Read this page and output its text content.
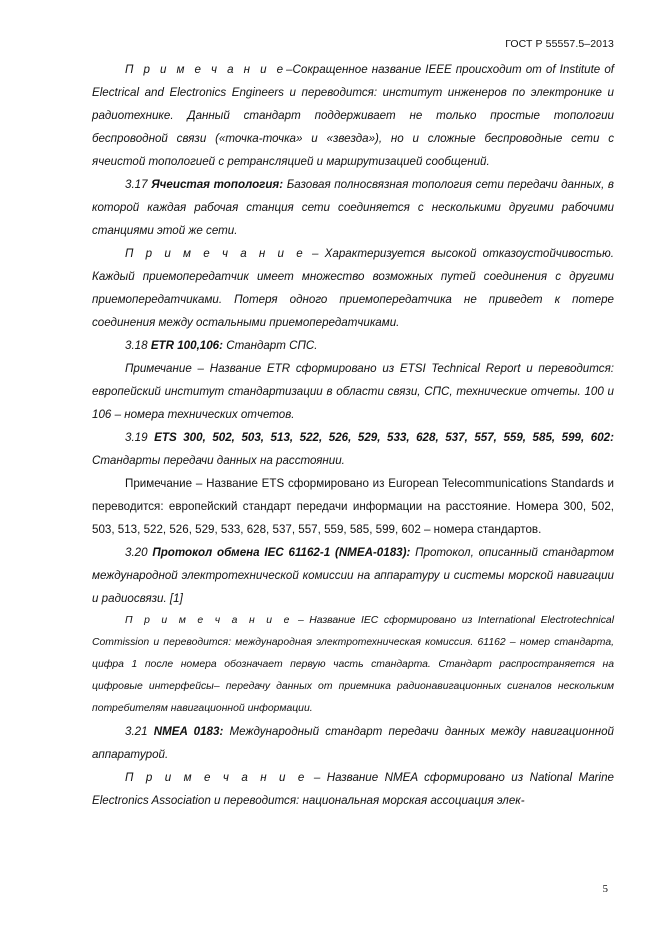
ГОСТ Р 55557.5–2013

П р и м е ч а н и е–Сокращенное название IEEE происходит от of Institute of Electrical and Electronics Engineers и переводится: институт инженеров по электронике и радиотехнике. Данный стандарт поддерживает не только простые топологии беспроводной связи («точка-точка» и «звезда»), но и сложные беспроводные сети с ячеистой топологией с ретрансляцией и маршрутизацией сообщений.

3.17 Ячеистая топология: Базовая полносвязная топология сети передачи данных, в которой каждая рабочая станция сети соединяется с несколькими другими рабочими станциями этой же сети.

П р и м е ч а н и е – Характеризуется высокой отказоустойчивостью. Каждый приемопередатчик имеет множество возможных путей соединения с другими приемопередатчиками. Потеря одного приемопередатчика не приведет к потере соединения между остальными приемопередатчиками.

3.18 ETR 100,106: Стандарт СПС.

Примечание – Название ETR сформировано из ETSI Technical Report и переводится: европейский институт стандартизации в области связи, СПС, технические отчеты. 100 и 106 – номера технических отчетов.

3.19 ETS 300, 502, 503, 513, 522, 526, 529, 533, 628, 537, 557, 559, 585, 599, 602: Стандарты передачи данных на расстоянии.

Примечание – Название ETS сформировано из European Telecommunications Standards и переводится: европейский стандарт передачи информации на расстояние. Номера 300, 502, 503, 513, 522, 526, 529, 533, 628, 537, 557, 559, 585, 599, 602 – номера стандартов.

3.20 Протокол обмена IEC 61162-1 (NMEA-0183): Протокол, описанный стандартом международной электротехнической комиссии на аппаратуру и системы морской навигации и радиосвязи. [1]

П р и м е ч а н и е – Название IEC сформировано из International Electrotechnical Commission и переводится: международная электротехническая комиссия. 61162 – номер стандарта, цифра 1 после номера обозначает первую часть стандарта. Стандарт распространяется на цифровые интерфейсы– передачу данных от приемника радионавигационных сигналов нескольким потребителям навигационной информации.

3.21 NMEA 0183: Международный стандарт передачи данных между навигационной аппаратурой.

П р и м е ч а н и е – Название NMEA сформировано из National Marine Electronics Association и переводится: национальная морская ассоциация элек-

5
